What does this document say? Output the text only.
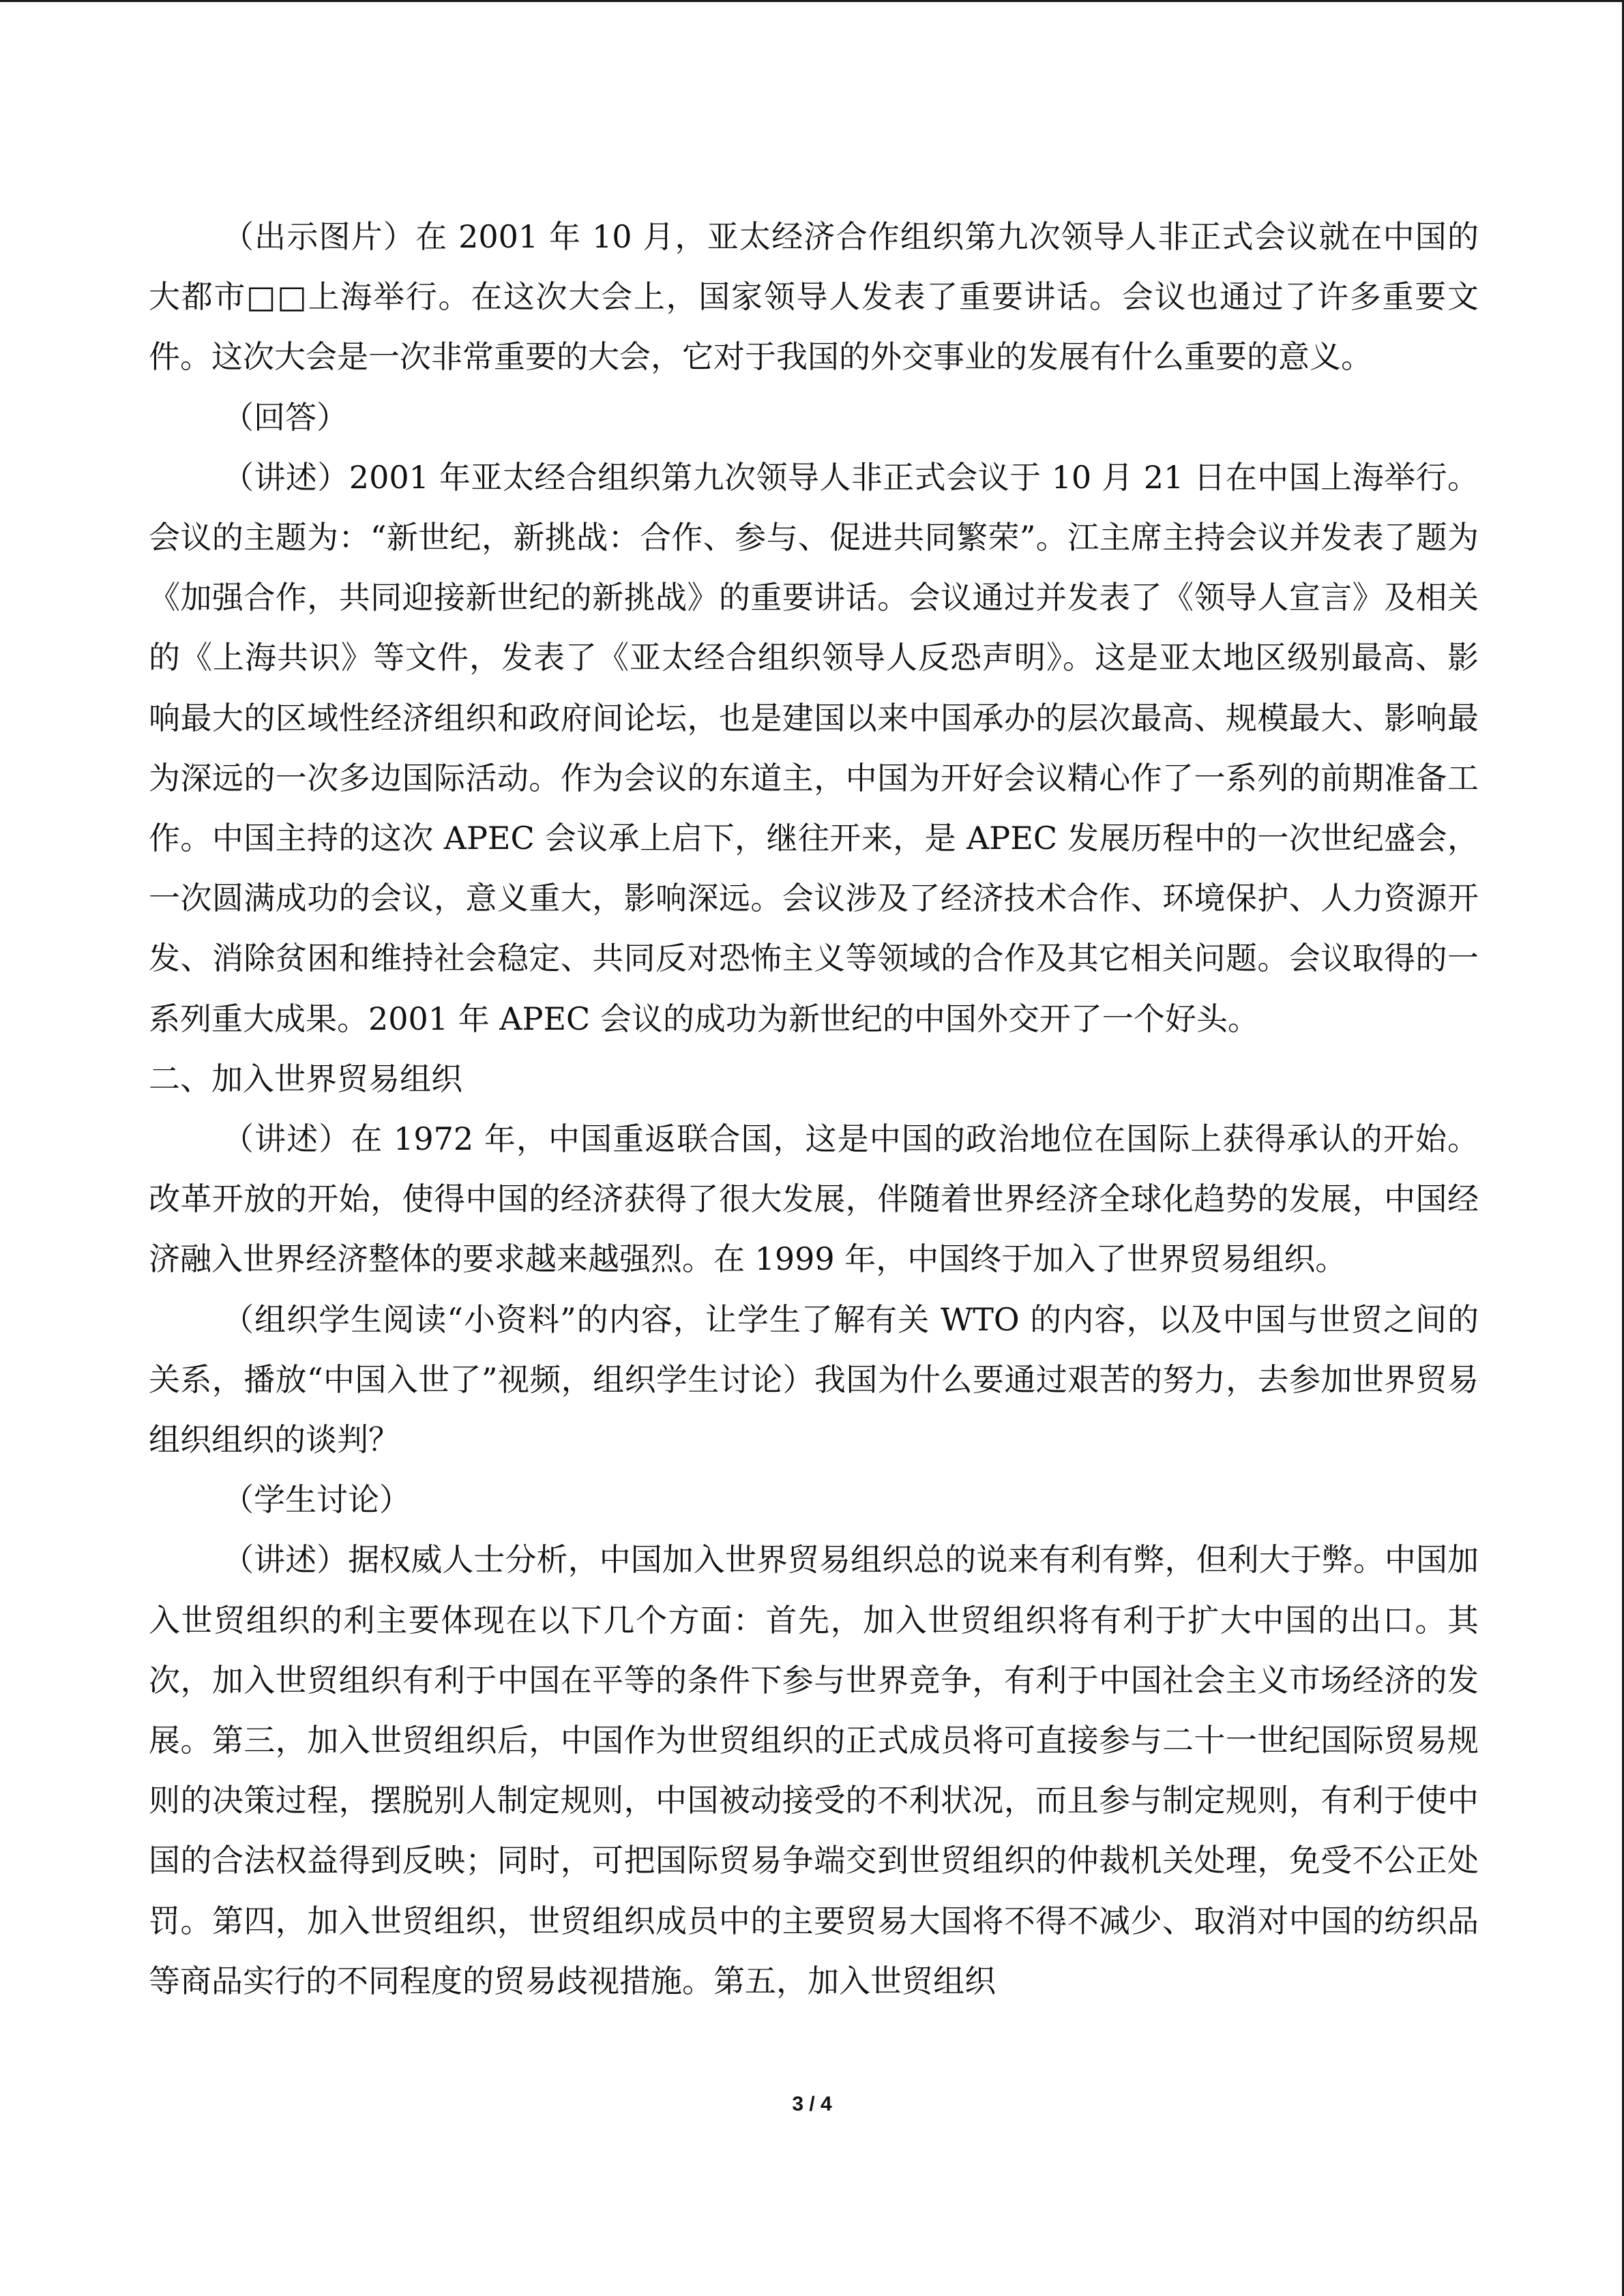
（出示图片）在 2001 年 10 月，亚太经济合作组织第九次领导人非正式会议就在中国的大都市□□上海举行。在这次大会上，国家领导人发表了重要讲话。会议也通过了许多重要文件。这次大会是一次非常重要的大会，它对于我国的外交事业的发展有什么重要的意义。

（回答）

（讲述）2001 年亚太经合组织第九次领导人非正式会议于 10 月 21 日在中国上海举行。会议的主题为：“新世纪，新挑战：合作、参与、促进共同繁荣”。江主席主持会议并发表了题为《加强合作，共同迎接新世纪的新挑战》的重要讲话。会议通过并发表了《领导人宣言》及相关的《上海共识》等文件，发表了《亚太经合组织领导人反恐声明》。这是亚太地区级别最高、影响最大的区域性经济组织和政府间论坛，也是建国以来中国承办的层次最高、规模最大、影响最为深远的一次多边国际活动。作为会议的东道主，中国为开好会议精心作了一系列的前期准备工作。中国主持的这次 APEC 会议承上启下，继往开来，是 APEC 发展历程中的一次世纪盛会，一次圆满成功的会议，意义重大，影响深远。会议涉及了经济技术合作、环境保护、人力资源开发、消除贫困和维持社会稳定、共同反对恐怖主义等领域的合作及其它相关问题。会议取得的一系列重大成果。2001 年 APEC 会议的成功为新世纪的中国外交开了一个好头。

二、加入世界贸易组织

（讲述）在 1972 年，中国重返联合国，这是中国的政治地位在国际上获得承认的开始。改革开放的开始，使得中国的经济获得了很大发展，伴随着世界经济全球化趋势的发展，中国经济融入世界经济整体的要求越来越强烈。在 1999 年，中国终于加入了世界贸易组织。

（组织学生阅读“小资料”的内容，让学生了解有关 WTO 的内容，以及中国与世贸之间的关系，播放“中国入世了”视频，组织学生讨论）我国为什么要通过艰苦的努力，去参加世界贸易组织组织的谈判？

（学生讨论）

（讲述）据权威人士分析，中国加入世界贸易组织总的说来有利有弊，但利大于弊。中国加入世贸组织的利主要体现在以下几个方面：首先，加入世贸组织将有利于扩大中国的出口。其次，加入世贸组织有利于中国在平等的条件下参与世界竞争，有利于中国社会主义市场经济的发展。第三，加入世贸组织后，中国作为世贸组织的正式成员将可直接参与二十一世纪国际贸易规则的决策过程，摆脱别人制定规则，中国被动接受的不利状况，而且参与制定规则，有利于使中国的合法权益得到反映；同时，可把国际贸易争端交到世贸组织的仲裁机关处理，免受不公正处罚。第四，加入世贸组织，世贸组织成员中的主要贸易大国将不得不减少、取消对中国的纺织品等商品实行的不同程度的贸易歧视措施。第五，加入世贸组织

3 / 4
